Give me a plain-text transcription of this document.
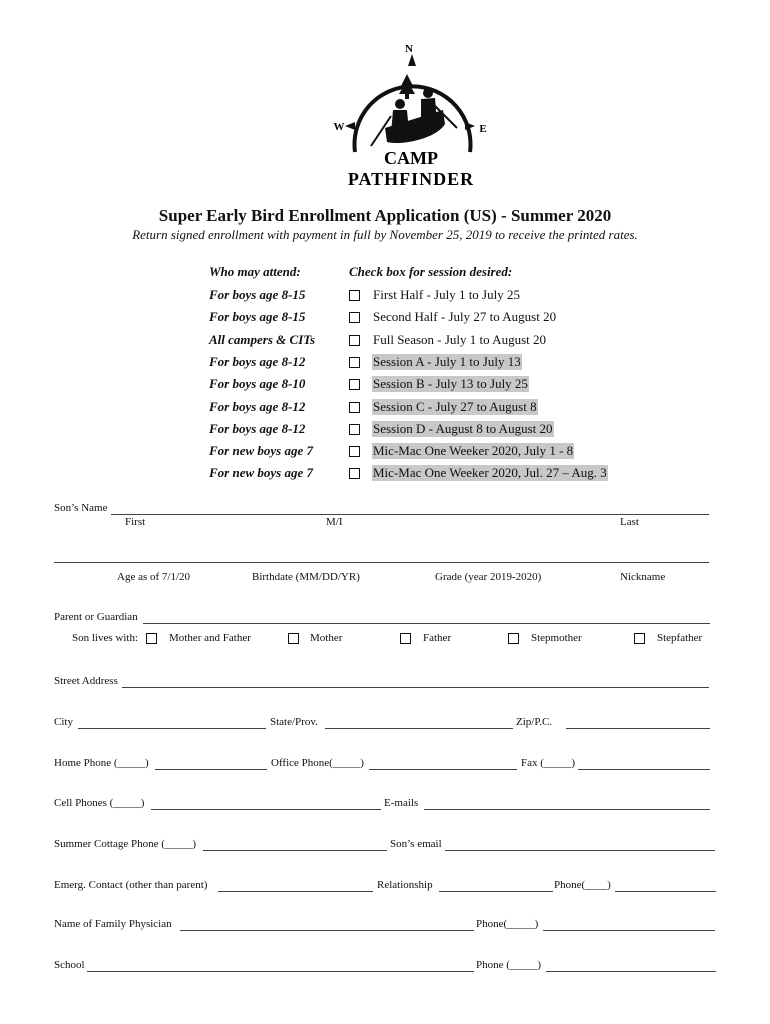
N
W	E
CAMP
PATHFINDER
Super Early Bird Enrollment Application (US) - Summer 2020
Return signed enrollment with payment in full by November 25, 2019 to receive the printed rates.
Who may attend:	Check box for session desired:
For boys age 8-15	First Half - July 1 to July 25
For boys age 8-15	Second Half - July 27 to August 20
All campers & CITs	Full Season - July 1 to August 20
For boys age 8-12	Session A - July 1 to July 13
For boys age 8-10	Session B - July 13 to July 25
For boys age 8-12	Session C - July 27 to August 8
For boys age 8-12	Session D - August 8 to August 20
For new boys age 7	Mic-Mac One Weeker 2020, July 1 - 8
For new boys age 7	Mic-Mac One Weeker 2020, Jul. 27 – Aug. 3
Son’s Name
First	M/I	Last
Age as of 7/1/20	Birthdate (MM/DD/YR)	Grade (year 2019-2020)	Nickname
Parent or Guardian
Son lives with:	Mother and Father	Mother	Father	Stepmother	Stepfather
Street Address
City	State/Prov.	Zip/P.C.
Home Phone (_____)	Office Phone(_____)	Fax (_____)
Cell Phones (_____)	E-mails
Summer Cottage Phone (_____)	Son’s email
Emerg. Contact (other than parent)	Relationship	Phone(____)
Name of Family Physician	Phone(_____)
School	Phone (_____)
